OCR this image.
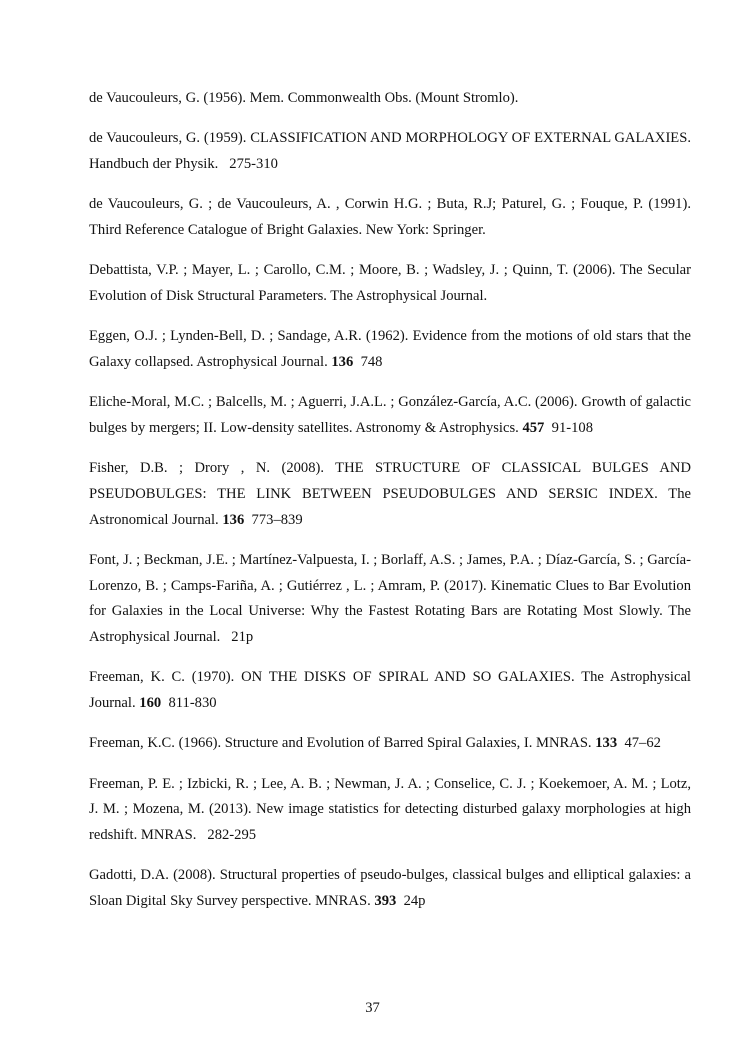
de Vaucouleurs, G. (1956). Mem. Commonwealth Obs. (Mount Stromlo).

de Vaucouleurs, G. (1959). CLASSIFICATION AND MORPHOLOGY OF EXTERNAL GALAXIES. Handbuch der Physik. 275-310

de Vaucouleurs, G. ; de Vaucouleurs, A. , Corwin H.G. ; Buta, R.J; Paturel, G. ; Fouque, P. (1991). Third Reference Catalogue of Bright Galaxies. New York: Springer.

Debattista, V.P. ; Mayer, L. ; Carollo, C.M. ; Moore, B. ; Wadsley, J. ; Quinn, T. (2006). The Secular Evolution of Disk Structural Parameters. The Astrophysical Journal.

Eggen, O.J. ; Lynden-Bell, D. ; Sandage, A.R. (1962). Evidence from the motions of old stars that the Galaxy collapsed. Astrophysical Journal. 136 748

Eliche-Moral, M.C. ; Balcells, M. ; Aguerri, J.A.L. ; González-García, A.C. (2006). Growth of galactic bulges by mergers; II. Low-density satellites. Astronomy & Astrophysics. 457 91-108

Fisher, D.B. ; Drory , N. (2008). THE STRUCTURE OF CLASSICAL BULGES AND PSEUDOBULGES: THE LINK BETWEEN PSEUDOBULGES AND SERSIC INDEX. The Astronomical Journal. 136 773–839

Font, J. ; Beckman, J.E. ; Martínez-Valpuesta, I. ; Borlaff, A.S. ; James, P.A. ; Díaz-García, S. ; García-Lorenzo, B. ; Camps-Fariña, A. ; Gutiérrez , L. ; Amram, P. (2017). Kinematic Clues to Bar Evolution for Galaxies in the Local Universe: Why the Fastest Rotating Bars are Rotating Most Slowly. The Astrophysical Journal. 21p

Freeman, K. C. (1970). ON THE DISKS OF SPIRAL AND SO GALAXIES. The Astrophysical Journal. 160 811-830

Freeman, K.C. (1966). Structure and Evolution of Barred Spiral Galaxies, I. MNRAS. 133 47–62

Freeman, P. E. ; Izbicki, R. ; Lee, A. B. ; Newman, J. A. ; Conselice, C. J. ; Koekemoer, A. M. ; Lotz, J. M. ; Mozena, M. (2013). New image statistics for detecting disturbed galaxy morphologies at high redshift. MNRAS. 282-295

Gadotti, D.A. (2008). Structural properties of pseudo-bulges, classical bulges and elliptical galaxies: a Sloan Digital Sky Survey perspective. MNRAS. 393 24p

37
